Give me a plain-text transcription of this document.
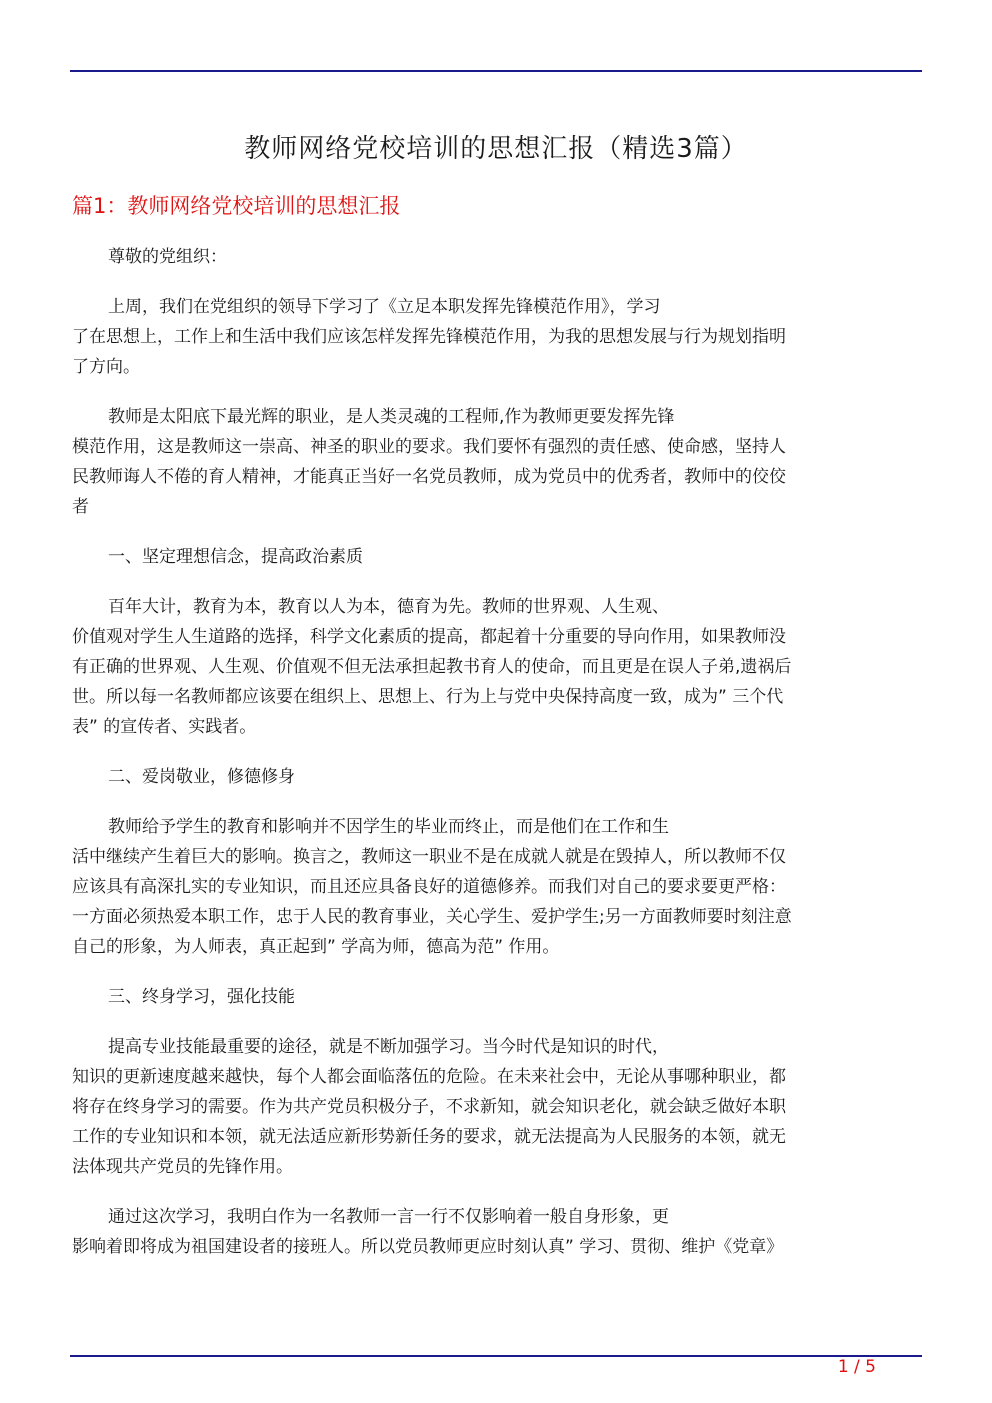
教师网络党校培训的思想汇报（精选3篇）
篇1：教师网络党校培训的思想汇报

尊敬的党组织：

上周，我们在党组织的领导下学习了《立足本职发挥先锋模范作用》，学习
了在思想上，工作上和生活中我们应该怎样发挥先锋模范作用，为我的思想发展与行为规划指明
了方向。

教师是太阳底下最光辉的职业，是人类灵魂的工程师,作为教师更要发挥先锋
模范作用，这是教师这一崇高、神圣的职业的要求。我们要怀有强烈的责任感、使命感，坚持人
民教师诲人不倦的育人精神，才能真正当好一名党员教师，成为党员中的优秀者，教师中的佼佼
者

一、坚定理想信念，提高政治素质

百年大计，教育为本，教育以人为本，德育为先。教师的世界观、人生观、
价值观对学生人生道路的选择，科学文化素质的提高，都起着十分重要的导向作用，如果教师没
有正确的世界观、人生观、价值观不但无法承担起教书育人的使命，而且更是在误人子弟,遗祸后
世。所以每一名教师都应该要在组织上、思想上、行为上与党中央保持高度一致，成为” 三个代
表” 的宣传者、实践者。

二、爱岗敬业，修德修身

教师给予学生的教育和影响并不因学生的毕业而终止，而是他们在工作和生
活中继续产生着巨大的影响。换言之，教师这一职业不是在成就人就是在毁掉人，所以教师不仅
应该具有高深扎实的专业知识，而且还应具备良好的道德修养。而我们对自己的要求要更严格：
一方面必须热爱本职工作，忠于人民的教育事业，关心学生、爱护学生;另一方面教师要时刻注意
自己的形象，为人师表，真正起到” 学高为师，德高为范” 作用。

三、终身学习，强化技能

提高专业技能最重要的途径，就是不断加强学习。当今时代是知识的时代，
知识的更新速度越来越快，每个人都会面临落伍的危险。在未来社会中，无论从事哪种职业，都
将存在终身学习的需要。作为共产党员积极分子，不求新知，就会知识老化，就会缺乏做好本职
工作的专业知识和本领，就无法适应新形势新任务的要求，就无法提高为人民服务的本领，就无
法体现共产党员的先锋作用。

通过这次学习，我明白作为一名教师一言一行不仅影响着一般自身形象，更
影响着即将成为祖国建设者的接班人。所以党员教师更应时刻认真” 学习、贯彻、维护《党章》

1 / 5
